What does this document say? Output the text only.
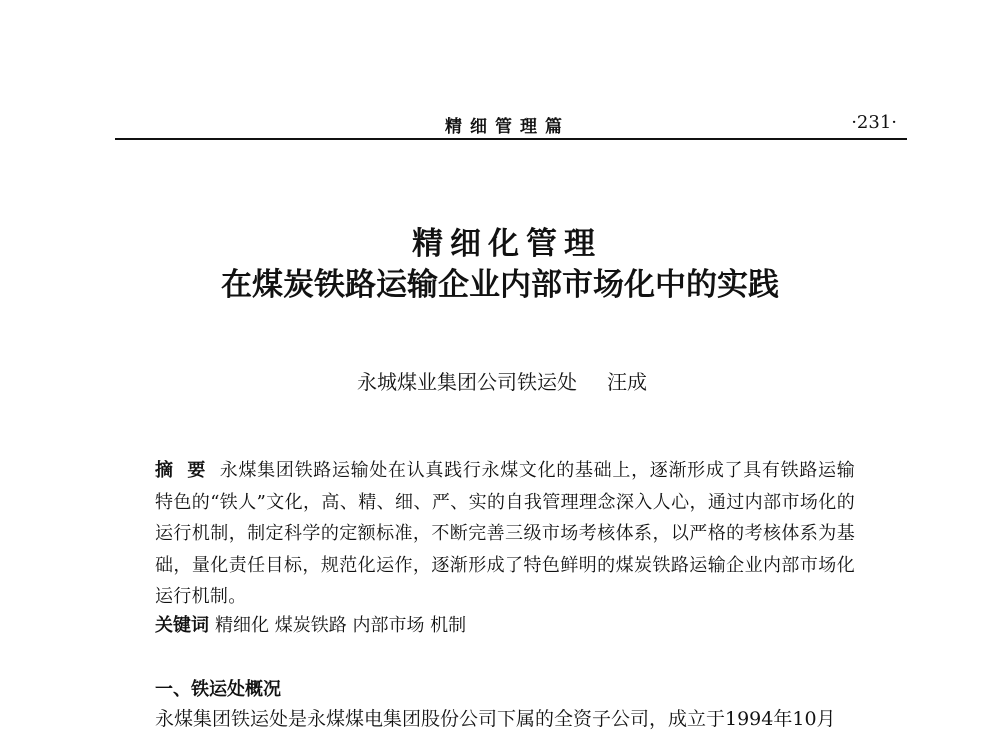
精细管理篇	·231·
精细化管理
在煤炭铁路运输企业内部市场化中的实践
永城煤业集团公司铁运处 汪成
摘要永煤集团铁路运输处在认真践行永煤文化的基础上，逐渐形成了具有铁路运输特色的“铁人”文化，高、精、细、严、实的自我管理理念深入人心，通过内部市场化的运行机制，制定科学的定额标准，不断完善三级市场考核体系，以严格的考核体系为基础，量化责任目标，规范化运作，逐渐形成了特色鲜明的煤炭铁路运输企业内部市场化运行机制。
关键词 精细化 煤炭铁路 内部市场 机制
一、铁运处概况
永煤集团铁运处是永煤煤电集团股份公司下属的全资子公司，成立于1994年10月
